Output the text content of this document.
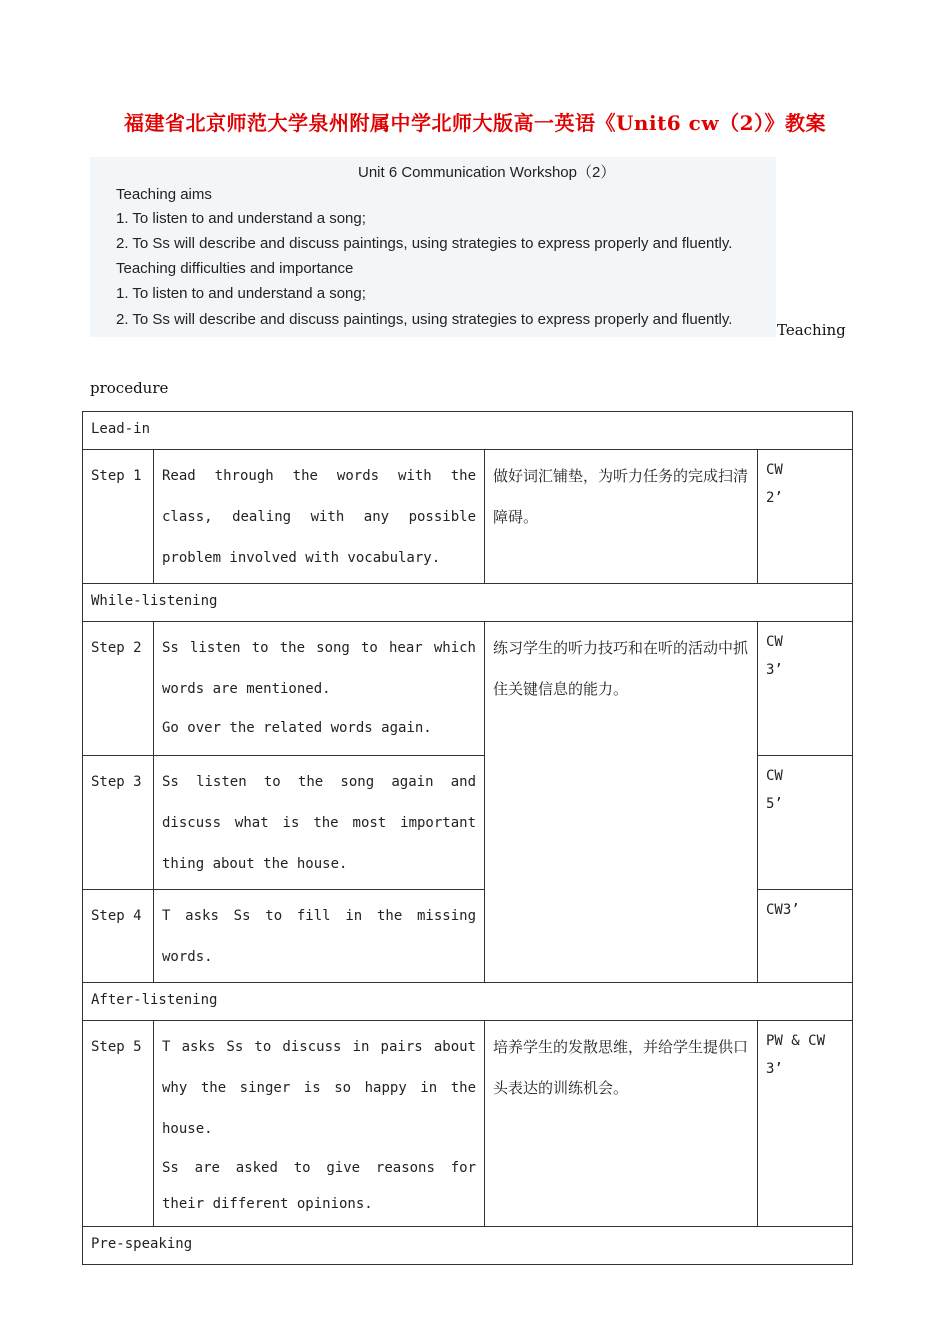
福建省北京师范大学泉州附属中学北师大版高一英语《Unit6 cw（2）》教案
Unit 6 Communication Workshop（2）
Teaching aims
1. To listen to and understand a song;
2. To Ss will describe and discuss paintings, using strategies to express properly and fluently.
Teaching difficulties and importance
1. To listen to and understand a song;
2. To Ss will describe and discuss paintings, using strategies to express properly and fluently.
Teaching
procedure
Lead-in			
Step 1	Read through the words with the class, dealing with any possible problem involved with vocabulary.	做好词汇铺垫，为听力任务的完成扫清障碍。	CW
2’

While-listening			
Step 2	Ss listen to the song to hear which words are mentioned.
Go over the related words again.	练习学生的听力技巧和在听的活动中抓住关键信息的能力。	CW
3’

Step 3	Ss listen to the song again and discuss what is the most important thing about the house.		CW
5’

Step 4	T asks Ss to fill in the missing words.		CW3’
After-listening			
Step 5	T asks Ss to discuss in pairs about why the singer is so happy in the house.
Ss are asked to give reasons for their different opinions.	培养学生的发散思维，并给学生提供口头表达的训练机会。	PW & CW
3’

Pre-speaking			
